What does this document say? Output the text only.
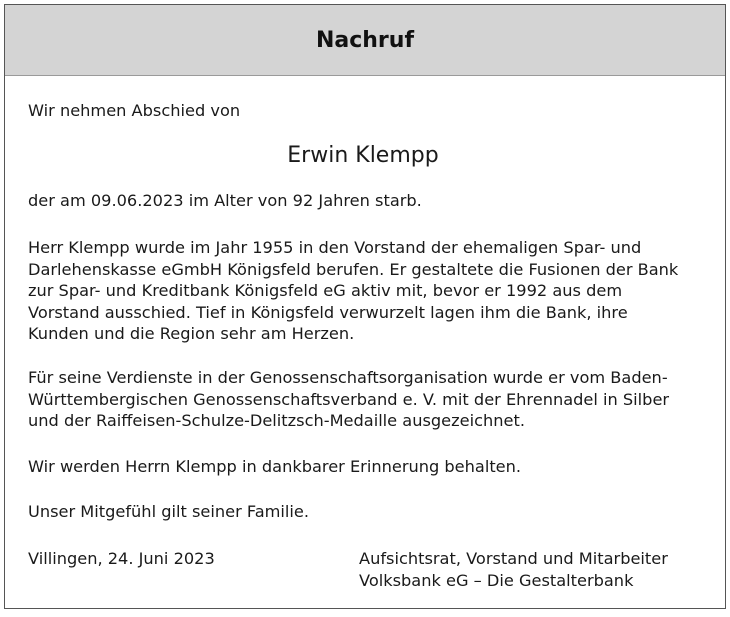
Nachruf
Wir nehmen Abschied von
Erwin Klempp
der am 09.06.2023 im Alter von 92 Jahren starb.
Herr Klempp wurde im Jahr 1955 in den Vorstand der ehemaligen Spar- und Darlehenskasse eGmbH Königsfeld berufen. Er gestaltete die Fusionen der Bank zur Spar- und Kreditbank Königsfeld eG aktiv mit, bevor er 1992 aus dem Vorstand ausschied. Tief in Königsfeld verwurzelt lagen ihm die Bank, ihre Kunden und die Region sehr am Herzen.
Für seine Verdienste in der Genossenschaftsorganisation wurde er vom Baden-Württembergischen Genossenschaftsverband e. V. mit der Ehrennadel in Silber und der Raiffeisen-Schulze-Delitzsch-Medaille ausgezeichnet.
Wir werden Herrn Klempp in dankbarer Erinnerung behalten.
Unser Mitgefühl gilt seiner Familie.
Villingen, 24. Juni 2023	Aufsichtsrat, Vorstand und Mitarbeiter
Volksbank eG – Die Gestalterbank
